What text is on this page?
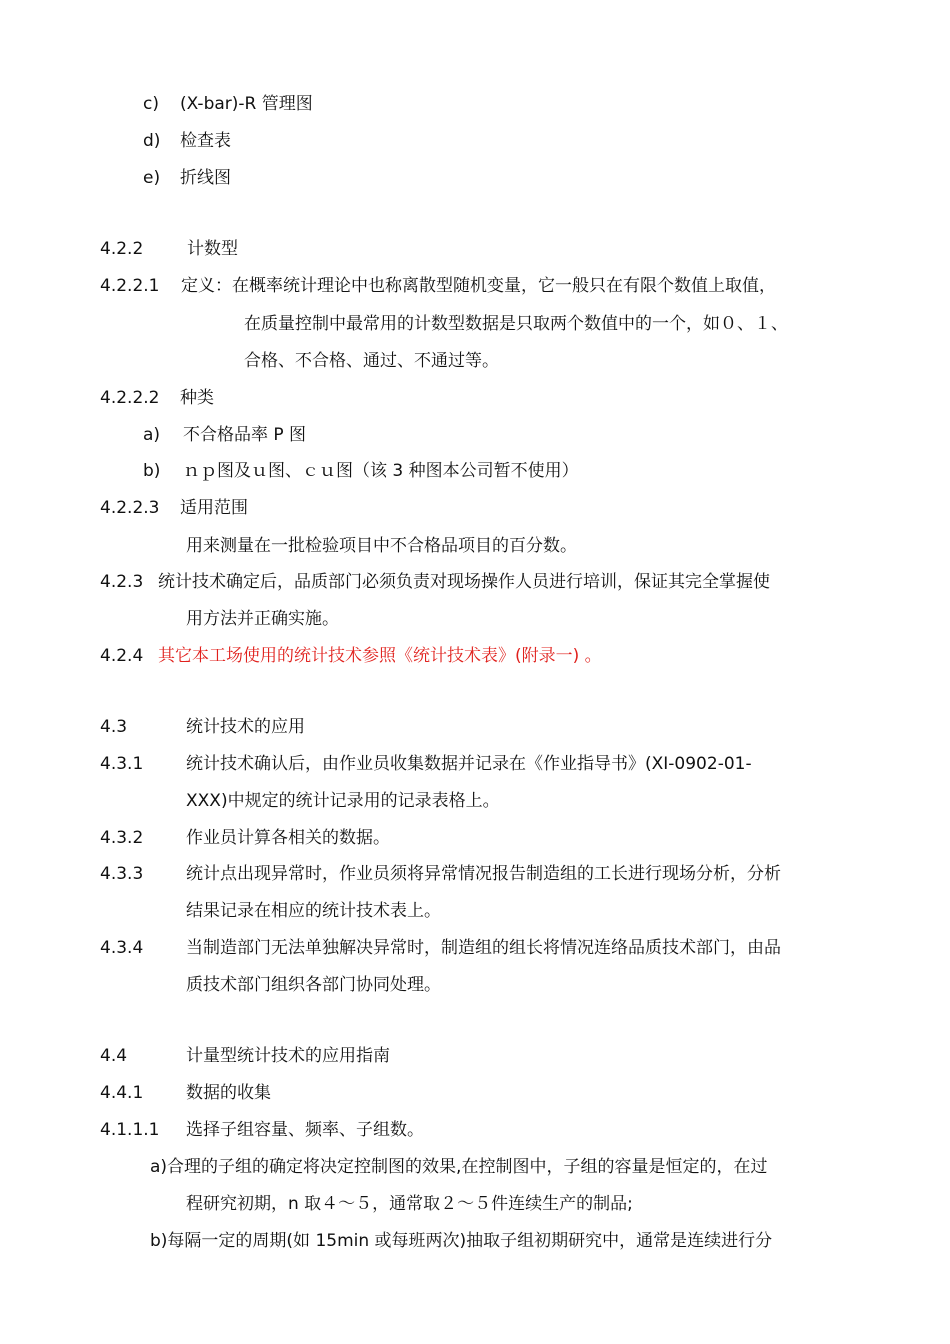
c) (X-bar)-R 管理图
d) 检查表
e) 折线图
4.2.2	计数型
4.2.2.1 定义：在概率统计理论中也称离散型随机变量，它一般只在有限个数值上取值，
在质量控制中最常用的计数型数据是只取两个数值中的一个，如０、１、
合格、不合格、通过、不通过等。
4.2.2.2 种类
a) 不合格品率 P 图
b) ｎｐ图及ｕ图、ｃｕ图（该 3 种图本公司暂不使用）
4.2.2.3 适用范围
用来测量在一批检验项目中不合格品项目的百分数。
4.2.3 统计技术确定后，品质部门必须负责对现场操作人员进行培训，保证其完全掌握使
用方法并正确实施。
4.2.4 其它本工场使用的统计技术参照《统计技术表》(附录一) 。
4.3	统计技术的应用
4.3.1	统计技术确认后，由作业员收集数据并记录在《作业指导书》(XI-0902-01-
XXX)中规定的统计记录用的记录表格上。
4.3.2	作业员计算各相关的数据。
4.3.3	统计点出现异常时，作业员须将异常情况报告制造组的工长进行现场分析，分析
结果记录在相应的统计技术表上。
4.3.4	当制造部门无法单独解决异常时，制造组的组长将情况连络品质技术部门，由品
质技术部门组织各部门协同处理。
4.4	计量型统计技术的应用指南
4.4.1	数据的收集
4.1.1.1 选择子组容量、频率、子组数。
a)合理的子组的确定将决定控制图的效果,在控制图中，子组的容量是恒定的，在过
程研究初期，n 取４～５，通常取２～５件连续生产的制品;
b)每隔一定的周期(如 15min 或每班两次)抽取子组初期研究中，通常是连续进行分
